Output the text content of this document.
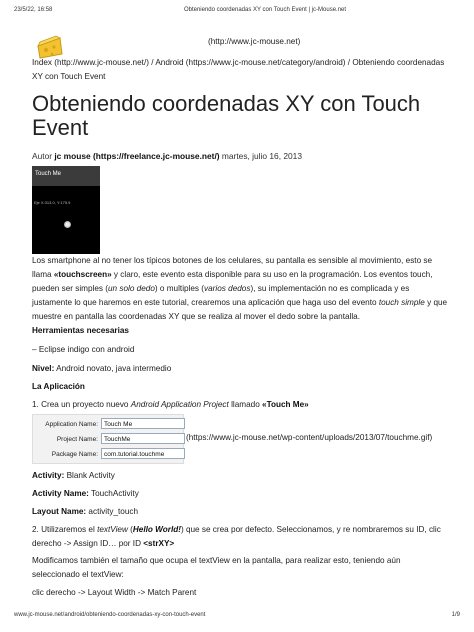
23/5/22, 16:58	Obteniendo coordenadas XY con Touch Event | jc-Mouse.net
(http://www.jc-mouse.net)
Index (http://www.jc-mouse.net/) / Android (https://www.jc-mouse.net/category/android) / Obteniendo coordenadas
XY con Touch Event
Obteniendo coordenadas XY con Touch Event
Autor jc mouse (https://freelance.jc-mouse.net/) martes, julio 16, 2013
Touch Me
Eje X:313.0, Y:175.9
Los smartphone al no tener los típicos botones de los celulares, su pantalla es sensible al movimiento, esto se
llama «touchscreen» y claro, este evento esta disponible para su uso en la programación. Los eventos touch,
pueden ser simples (un solo dedo) o multiples (varios dedos), su implementación no es complicada y es
justamente lo que haremos en este tutorial, crearemos una aplicación que haga uso del evento touch simple y que
muestre en pantalla las coordenadas XY que se realiza al mover el dedo sobre la pantalla.
Herramientas necesarias
– Eclipse indigo con android
Nivel: Android novato, java intermedio
La Aplicación
1. Crea un proyecto nuevo Android Application Project llamado «Touch Me»
Application Name: Touch Me
Project Name: TouchMe
Package Name: com.tutorial.touchme
(https://www.jc-mouse.net/wp-content/uploads/2013/07/touchme.gif)
Activity: Blank Activity
Activity Name: TouchActivity
Layout Name: activity_touch
2. Utilizaremos el textView (Hello World!) que se crea por defecto. Seleccionamos, y re nombraremos su ID, clic
derecho -> Assign ID… por ID <strXY>
Modificamos también el tamaño que ocupa el textView en la pantalla, para realizar esto, teniendo aún
seleccionado el textView:
clic derecho -> Layout Width -> Match Parent
www.jc-mouse.net/android/obteniendo-coordenadas-xy-con-touch-event	1/9
